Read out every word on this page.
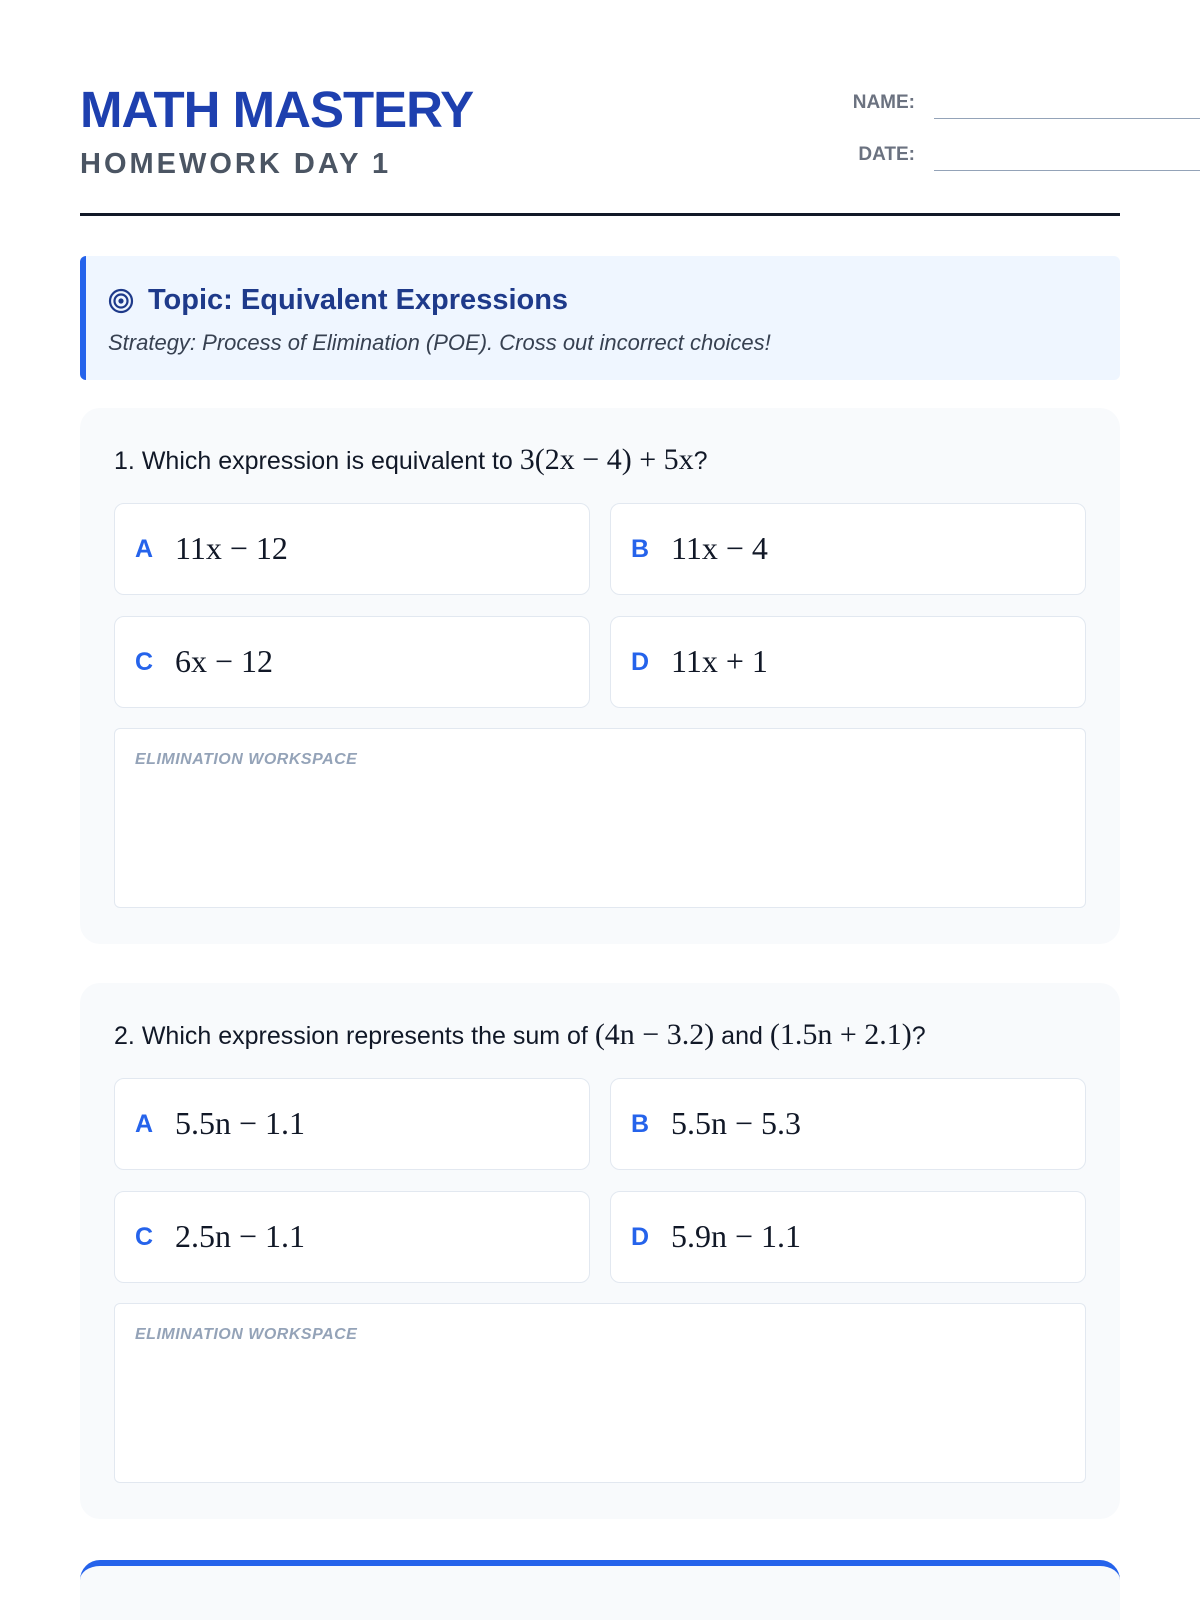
MATH MASTERY
HOMEWORK DAY 1
NAME:
DATE:
Topic: Equivalent Expressions
Strategy: Process of Elimination (POE). Cross out incorrect choices!
1. Which expression is equivalent to 3(2x − 4) + 5x?
A 11x − 12	B 11x − 4
C 6x − 12	D 11x + 1
ELIMINATION WORKSPACE
2. Which expression represents the sum of (4n − 3.2) and (1.5n + 2.1)?
A 5.5n − 1.1	B 5.5n − 5.3
C 2.5n − 1.1	D 5.9n − 1.1
ELIMINATION WORKSPACE
